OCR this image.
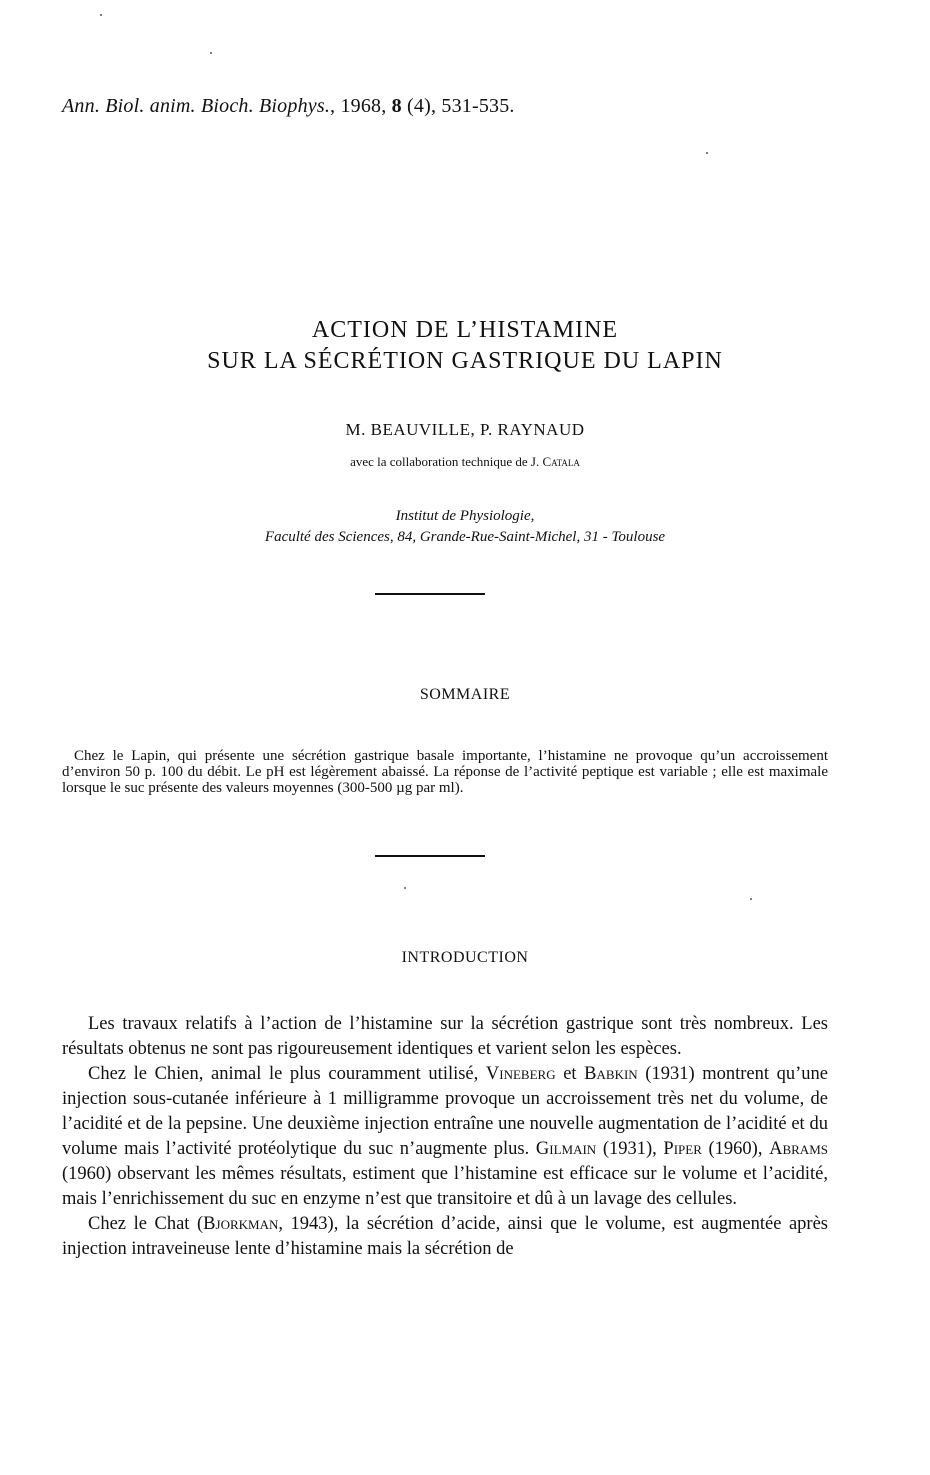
Ann. Biol. anim. Bioch. Biophys., 1968, 8 (4), 531-535.
ACTION DE L’HISTAMINE
SUR LA SÉCRÉTION GASTRIQUE DU LAPIN
M. BEAUVILLE, P. RAYNAUD
avec la collaboration technique de J. Catala
Institut de Physiologie,
Faculté des Sciences, 84, Grande-Rue-Saint-Michel, 31 - Toulouse
SOMMAIRE
Chez le Lapin, qui présente une sécrétion gastrique basale importante, l’histamine ne provoque qu’un accroissement d’environ 50 p. 100 du débit. Le pH est légèrement abaissé. La réponse de l’activité peptique est variable ; elle est maximale lorsque le suc présente des valeurs moyennes (300-500 µg par ml).
INTRODUCTION

Les travaux relatifs à l’action de l’histamine sur la sécrétion gastrique sont très nombreux. Les résultats obtenus ne sont pas rigoureusement identiques et varient selon les espèces.

Chez le Chien, animal le plus couramment utilisé, Vineberg et Babkin (1931) montrent qu’une injection sous-cutanée inférieure à 1 milligramme provoque un accroissement très net du volume, de l’acidité et de la pepsine. Une deuxième injection entraîne une nouvelle augmentation de l’acidité et du volume mais l’activité protéolytique du suc n’augmente plus. Gilmain (1931), Piper (1960), Abrams (1960) observant les mêmes résultats, estiment que l’histamine est efficace sur le volume et l’acidité, mais l’enrichissement du suc en enzyme n’est que transitoire et dû à un lavage des cellules.

Chez le Chat (Bjorkman, 1943), la sécrétion d’acide, ainsi que le volume, est augmentée après injection intraveineuse lente d’histamine mais la sécrétion de
